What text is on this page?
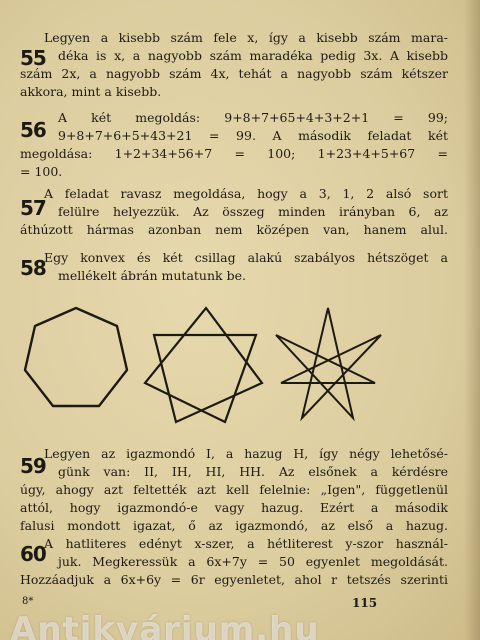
55
Legyen a kisebb szám fele x, így a kisebb szám mara-
déka is x, a nagyobb szám maradéka pedig 3x. A kisebb
szám 2x, a nagyobb szám 4x, tehát a nagyobb szám kétszer
akkora, mint a kisebb.
56
A két megoldás: 9+8+7+65+4+3+2+1 = 99;
9+8+7+6+5+43+21 = 99. A második feladat két
megoldása: 1+2+34+56+7 = 100; 1+23+4+5+67 =
= 100.
57
A feladat ravasz megoldása, hogy a 3, 1, 2 alsó sort
felülre helyezzük. Az összeg minden irányban 6, az
áthúzott hármas azonban nem középen van, hanem alul.
58
Egy konvex és két csillag alakú szabályos hétszöget a
mellékelt ábrán mutatunk be.
59
Legyen az igazmondó I, a hazug H, így négy lehetősé-
günk van: II, IH, HI, HH. Az elsőnek a kérdésre
úgy, ahogy azt feltették azt kell felelnie: „Igen", függetlenül
attól, hogy igazmondó-e vagy hazug. Ezért a második
falusi mondott igazat, ő az igazmondó, az első a hazug.
60
A hatliteres edényt x-szer, a hétliterest y-szor használ-
juk. Megkeressük a 6x+7y = 50 egyenlet megoldását.
Hozzáadjuk a 6x+6y = 6r egyenletet, ahol r tetszés szerinti
8*	115
Antikvárium.hu
